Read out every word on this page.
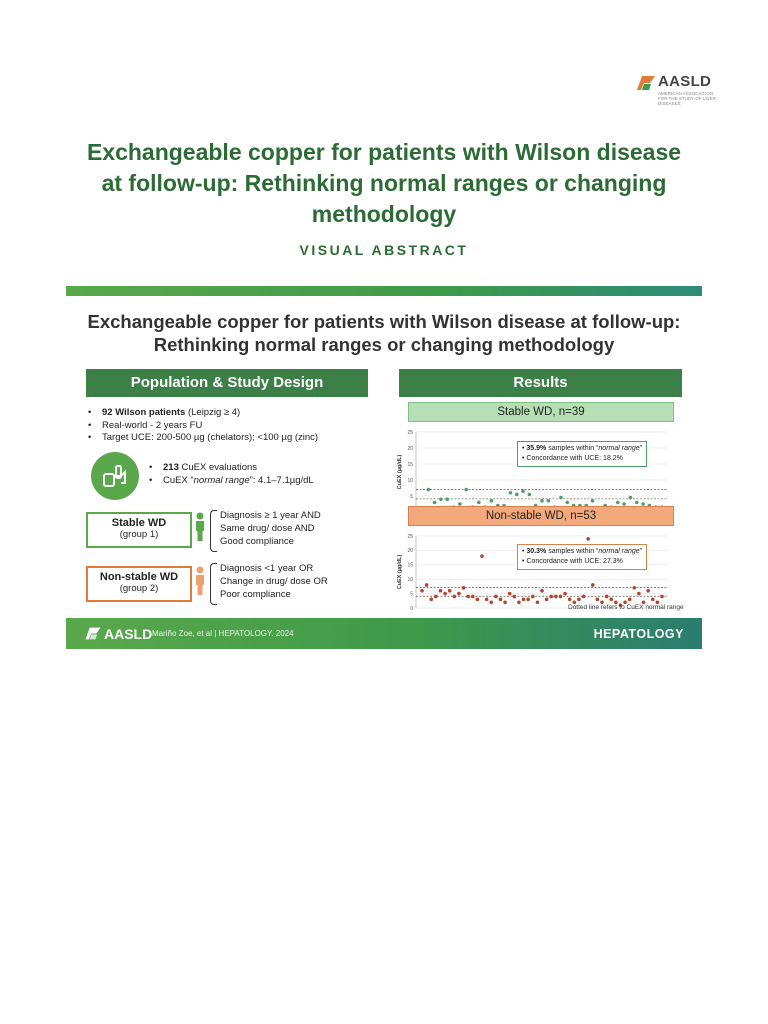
AASLD
AMERICAN ASSOCIATION FOR THE STUDY OF LIVER DISEASES
Exchangeable copper for patients with Wilson disease
at follow-up: Rethinking normal ranges or changing
methodology
VISUAL ABSTRACT
Exchangeable copper for patients with Wilson disease at follow-up:
Rethinking normal ranges or changing methodology
Population & Study Design
•	92 Wilson patients (Leipzig ≥ 4)
•	Real-world - 2 years FU
•	Target UCE: 200-500 µg (chelators); <100 µg (zinc)
•	213 CuEX evaluations
•	CuEX “normal range”: 4.1–7.1µg/dL
Stable WD
(group 1)
Diagnosis ≥ 1 year AND
Same drug/ dose AND
Good compliance
Non-stable WD
(group 2)
Diagnosis <1 year OR
Change in drug/ dose OR
Poor compliance
Results
Stable WD, n=39
CuEX (µg/dL)
5
10
15
20
25
• 35.9% samples within “normal range”
• Concordance with UCE: 18.2%
Non-stable WD, n=53
CuEX (µg/dL)
0
5
10
15
20
25
• 30.3% samples within “normal range”
• Concordance with UCE: 27.3%
Dotted line refers to CuEX normal range
AASLD Mariño Zoe, et al | HEPATOLOGY. 2024	HEPATOLOGY
